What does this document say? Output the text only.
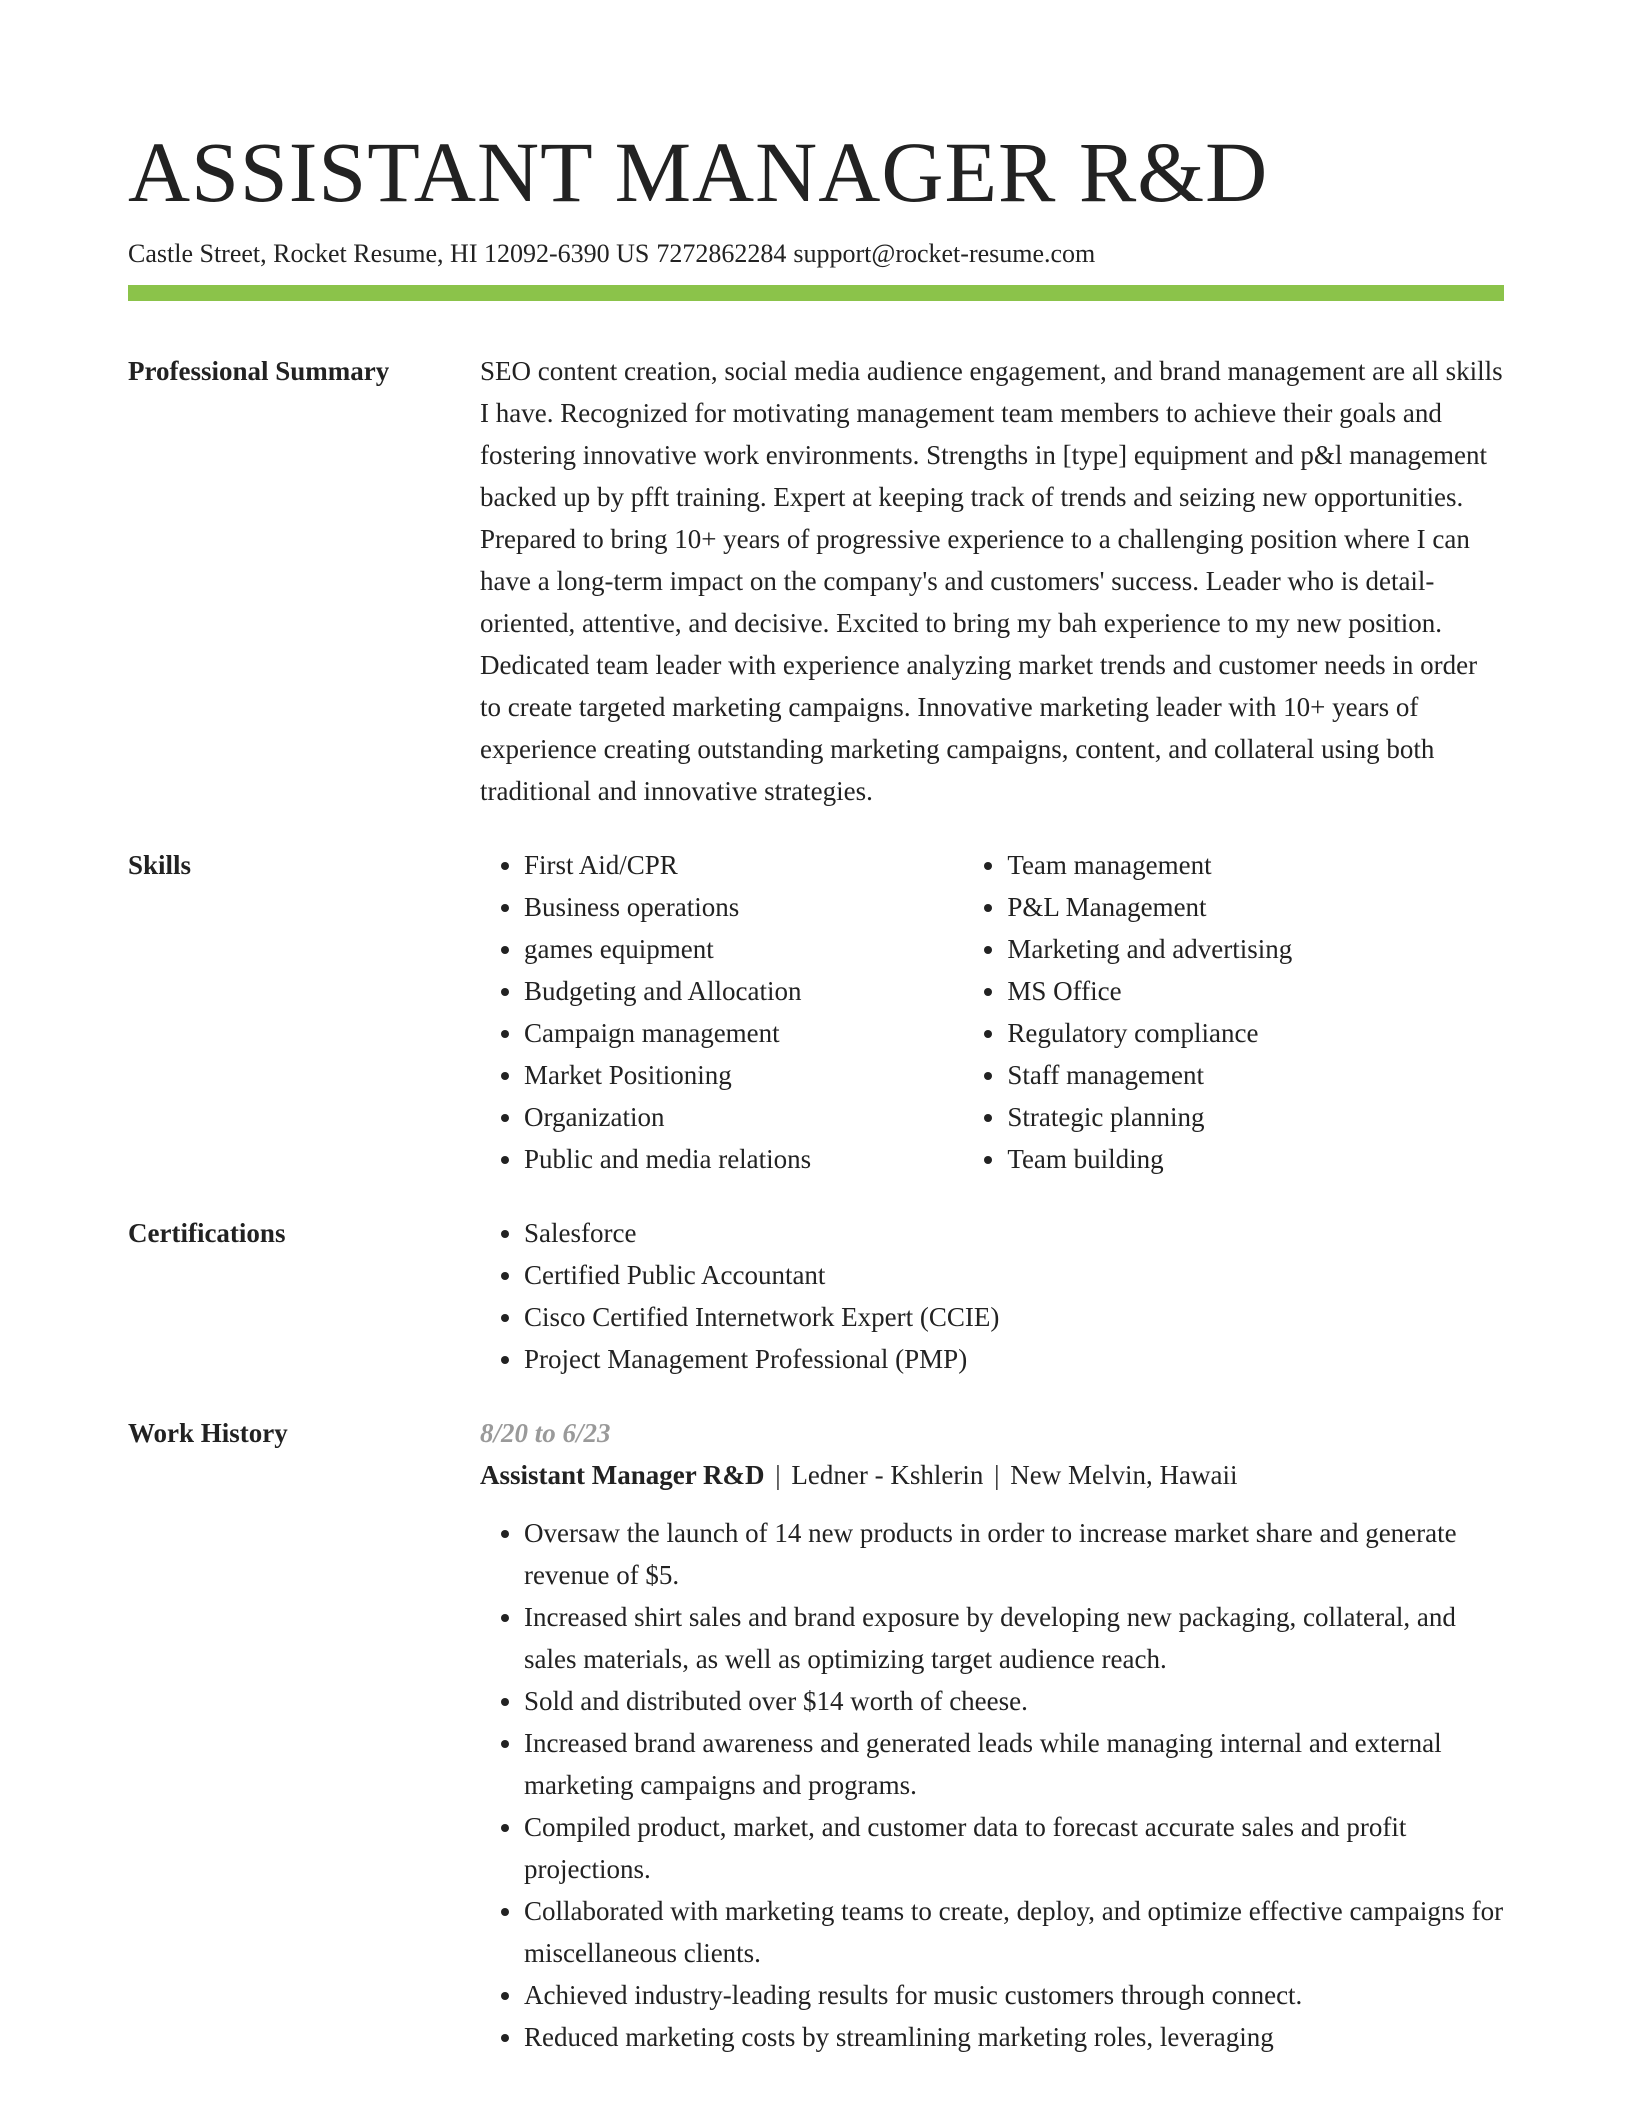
ASSISTANT MANAGER R&D
Castle Street, Rocket Resume, HI 12092-6390 US 7272862284 support@rocket-resume.com
Professional Summary	SEO content creation, social media audience engagement, and brand management are all skills I have. Recognized for motivating management team members to achieve their goals and fostering innovative work environments. Strengths in [type] equipment and p&l management backed up by pfft training. Expert at keeping track of trends and seizing new opportunities. Prepared to bring 10+ years of progressive experience to a challenging position where I can have a long-term impact on the company's and customers' success. Leader who is detail-oriented, attentive, and decisive. Excited to bring my bah experience to my new position. Dedicated team leader with experience analyzing market trends and customer needs in order to create targeted marketing campaigns. Innovative marketing leader with 10+ years of experience creating outstanding marketing campaigns, content, and collateral using both traditional and innovative strategies.

Skills	• First Aid/CPR
• Business operations
• games equipment
• Budgeting and Allocation
• Campaign management
• Market Positioning
• Organization
• Public and media relations
• Team management
• P&L Management
• Marketing and advertising
• MS Office
• Regulatory compliance
• Staff management
• Strategic planning
• Team building
Certifications	• Salesforce
• Certified Public Accountant
• Cisco Certified Internetwork Expert (CCIE)
• Project Management Professional (PMP)
Work History	8/20 to 6/23
Assistant Manager R&D | Ledner - Kshlerin | New Melvin, Hawaii
• Oversaw the launch of 14 new products in order to increase market share and generate revenue of $5.
• Increased shirt sales and brand exposure by developing new packaging, collateral, and sales materials, as well as optimizing target audience reach.
• Sold and distributed over $14 worth of cheese.
• Increased brand awareness and generated leads while managing internal and external marketing campaigns and programs.
• Compiled product, market, and customer data to forecast accurate sales and profit projections.
• Collaborated with marketing teams to create, deploy, and optimize effective campaigns for miscellaneous clients.
• Achieved industry-leading results for music customers through connect.
• Reduced marketing costs by streamlining marketing roles, leveraging
